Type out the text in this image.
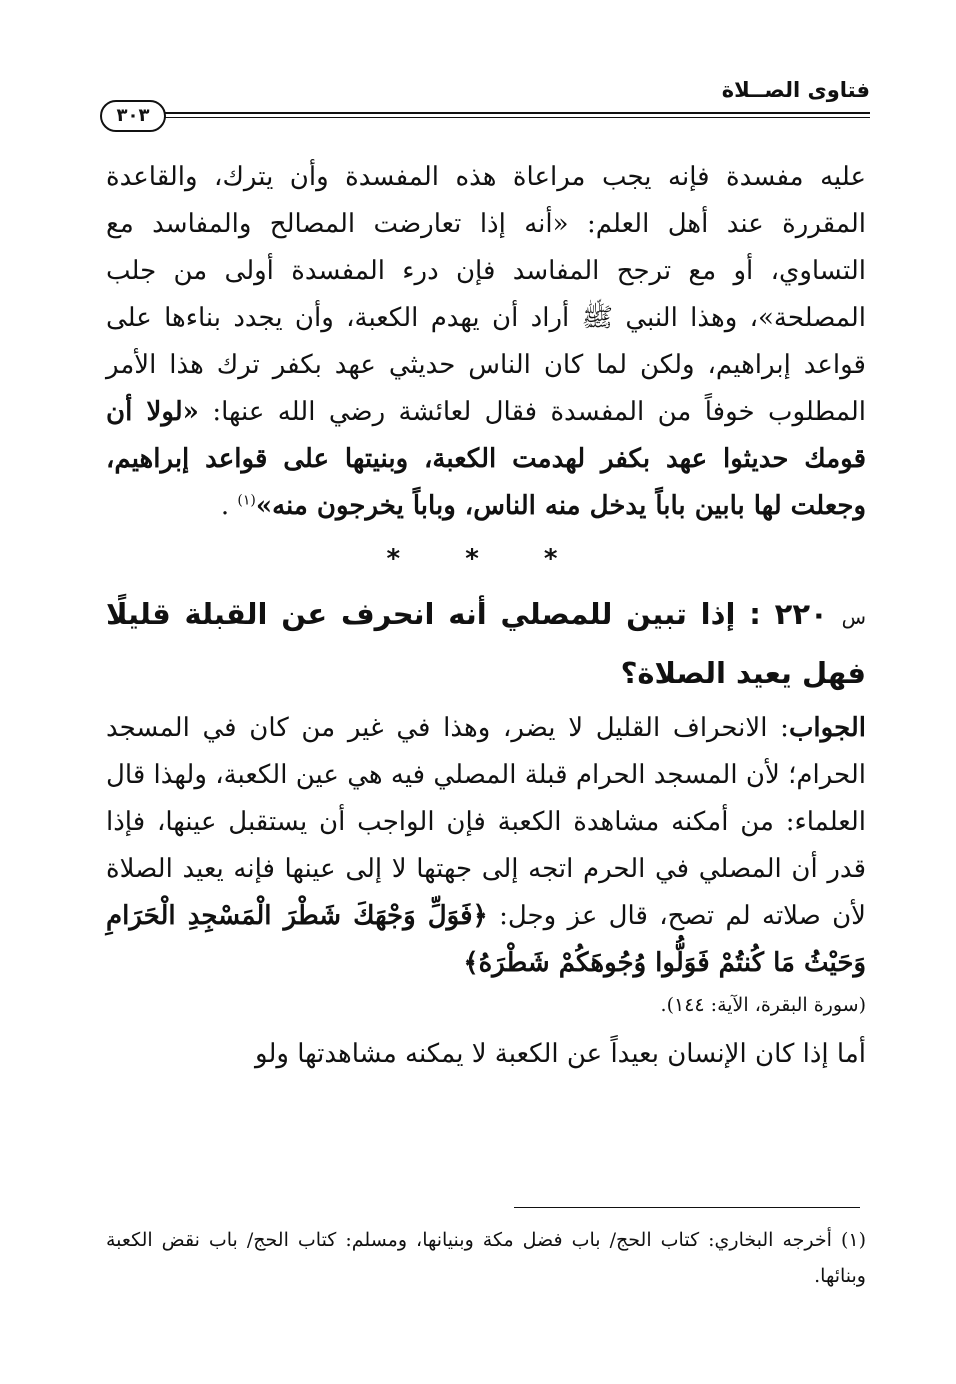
فتاوى الصــلاة
٣٠٣

عليه مفسدة فإنه يجب مراعاة هذه المفسدة وأن يترك، والقاعدة المقررة عند أهل العلم: «أنه إذا تعارضت المصالح والمفاسد مع التساوي، أو مع ترجح المفاسد فإن درء المفسدة أولى من جلب المصلحة»، وهذا النبي ﷺ أراد أن يهدم الكعبة، وأن يجدد بناءها على قواعد إبراهيم، ولكن لما كان الناس حديثي عهد بكفر ترك هذا الأمر المطلوب خوفاً من المفسدة فقال لعائشة رضي الله عنها: «لولا أن قومك حديثوا عهد بكفر لهدمت الكعبة، وبنيتها على قواعد إبراهيم، وجعلت لها بابين باباً يدخل منه الناس، وباباً يخرجون منه»$^{(١)}$ .

* * *

س ٢٢٠ : إذا تبين للمصلي أنه انحرف عن القبلة قليلًا فهل يعيد الصلاة؟

الجواب: الانحراف القليل لا يضر، وهذا في غير من كان في المسجد الحرام؛ لأن المسجد الحرام قبلة المصلي فيه هي عين الكعبة، ولهذا قال العلماء: من أمكنه مشاهدة الكعبة فإن الواجب أن يستقبل عينها، فإذا قدر أن المصلي في الحرم اتجه إلى جهتها لا إلى عينها فإنه يعيد الصلاة لأن صلاته لم تصح، قال عز وجل: ﴿فَوَلِّ وَجْهَكَ شَطْرَ الْمَسْجِدِ الْحَرَامِ وَحَيْثُ مَا كُنتُمْ فَوَلُّوا وُجُوهَكُمْ شَطْرَهُ﴾

(سورة البقرة، الآية: ١٤٤).

أما إذا كان الإنسان بعيداً عن الكعبة لا يمكنه مشاهدتها ولو

(١) أخرجه البخاري: كتاب الحج/ باب فضل مكة وبنيانها، ومسلم: كتاب الحج/ باب نقض الكعبة وبنائها.
